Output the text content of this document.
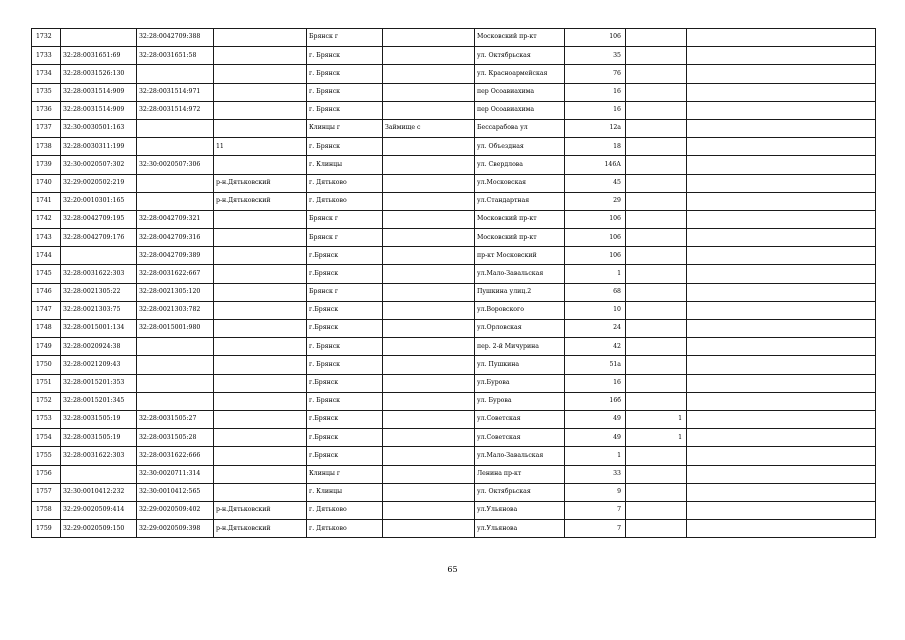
1732		32:28:0042709:388		Брянск г		Московский пр-кт	106		
1733	32:28:0031651:69	32:28:0031651:58		г. Брянск		ул. Октябрьская	35		
1734	32:28:0031526:130			г. Брянск		ул. Красноармейская	76		
1735	32:28:0031514:909	32:28:0031514:971		г. Брянск		пер Осоавиахима	16		
1736	32:28:0031514:909	32:28:0031514:972		г. Брянск		пер Осоавиахима	16		
1737	32:30:0030501:163			Клинцы г	Займище с	Бессарабова ул	12а		
1738	32:28:0030311:199		11	г. Брянск		ул. Объездная	18		
1739	32:30:0020507:302	32:30:0020507:306		г. Клинцы		ул. Свердлова	146А		
1740	32:29:0020502:219		р-н.Дятьковский	г. Дятьково		ул.Московская	45		
1741	32:20:0010301:165		р-н.Дятьковский	г. Дятьково		ул.Стандартная	29		
1742	32:28:0042709:195	32:28:0042709:321		Брянск г		Московский пр-кт	106		
1743	32:28:0042709:176	32:28:0042709:316		Брянск г		Московский пр-кт	106		
1744		32:28:0042709:389		г.Брянск		пр-кт Московский	106		
1745	32:28:0031622:303	32:28:0031622:667		г.Брянск		ул.Мало-Завальская	1		
1746	32:28:0021305:22	32:28:0021305:120		Брянск г		Пушкина улиц.2	68		
1747	32:28:0021303:75	32:28:0021303:782		г.Брянск		ул.Воровского	10		
1748	32:28:0015001:134	32:28:0015001:980		г.Брянск		ул.Орловская	24		
1749	32:28:0020924:38			г. Брянск		пер. 2-й Мичурина	42		
1750	32:28:0021209:43			г. Брянск		ул. Пушкина	51а		
1751	32:28:0015201:353			г.Брянск		ул.Бурова	16		
1752	32:28:0015201:345			г. Брянск		ул. Бурова	16б		
1753	32:28:0031505:19	32:28:0031505:27		г.Брянск		ул.Советская	49	1	
1754	32:28:0031505:19	32:28:0031505:28		г.Брянск		ул.Советская	49	1	
1755	32:28:0031622:303	32:28:0031622:666		г.Брянск		ул.Мало-Завальская	1		
1756		32:30:0020711:314		Клинцы г		Ленина пр-кт	33		
1757	32:30:0010412:232	32:30:0010412:565		г. Клинцы		ул. Октябрьская	9		
1758	32:29:0020509:414	32:29:0020509:402	р-н.Дятьковский	г. Дятьково		ул.Ульянова	7		
1759	32:29:0020509:150	32:29:0020509:398	р-н.Дятьковский	г. Дятьково		ул.Ульянова	7		
65
